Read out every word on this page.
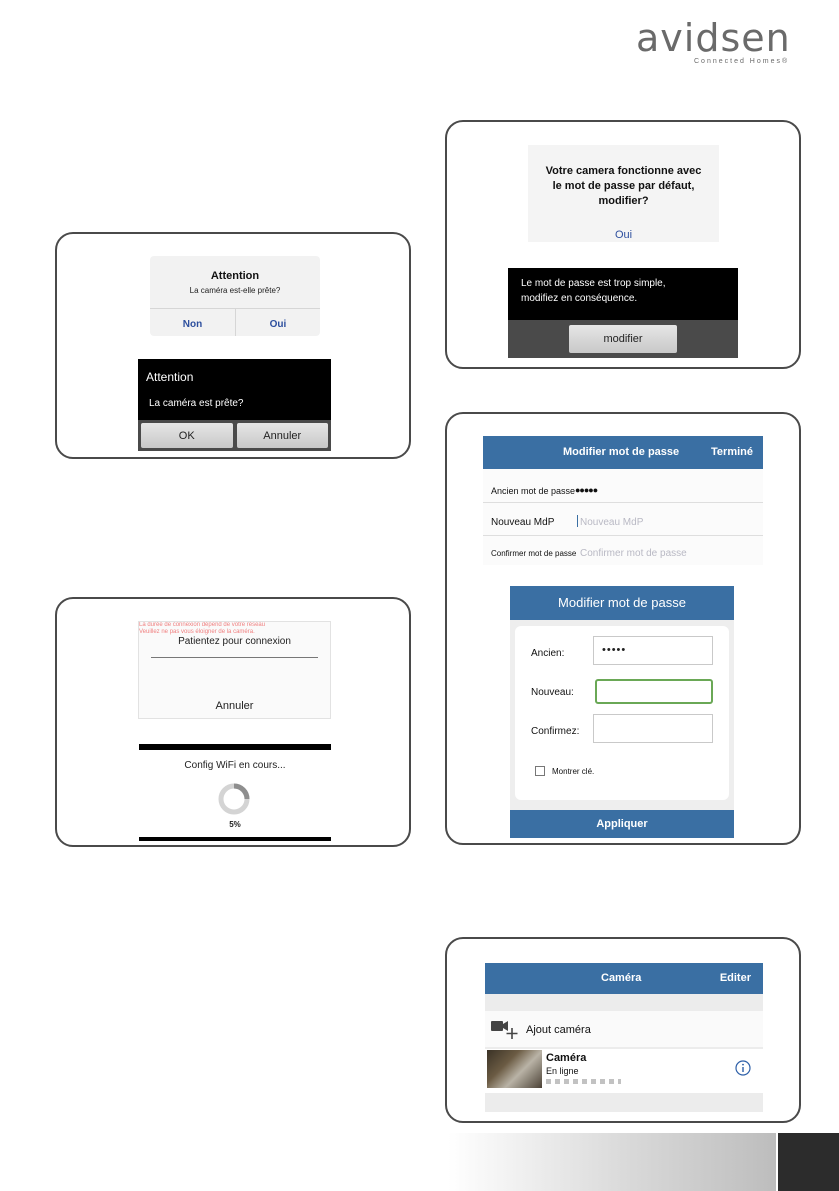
avidsen
Connected Homes®
Attention
La caméra est-elle prête?
Non	Oui
Attention
La caméra est prête?
OK	Annuler
La durée de connexion dépend de votre réseau
Veuillez ne pas vous éloigner de la caméra.
Patientez pour connexion
Annuler
Config WiFi en cours...
5%
Votre camera fonctionne avec
le mot de passe par défaut,
modifier?
Oui
Le mot de passe est trop simple,
modifiez en conséquence.
modifier
Modifier mot de passe	Terminé
Ancien mot de passe ●●●●●
Nouveau MdP	Nouveau MdP
Confirmer mot de passe Confirmer mot de passe
Modifier mot de passe
Ancien:	•••••
Nouveau:
Confirmez:
Montrer clé.
Appliquer
Caméra	Editer
Ajout caméra
Caméra
En ligne
